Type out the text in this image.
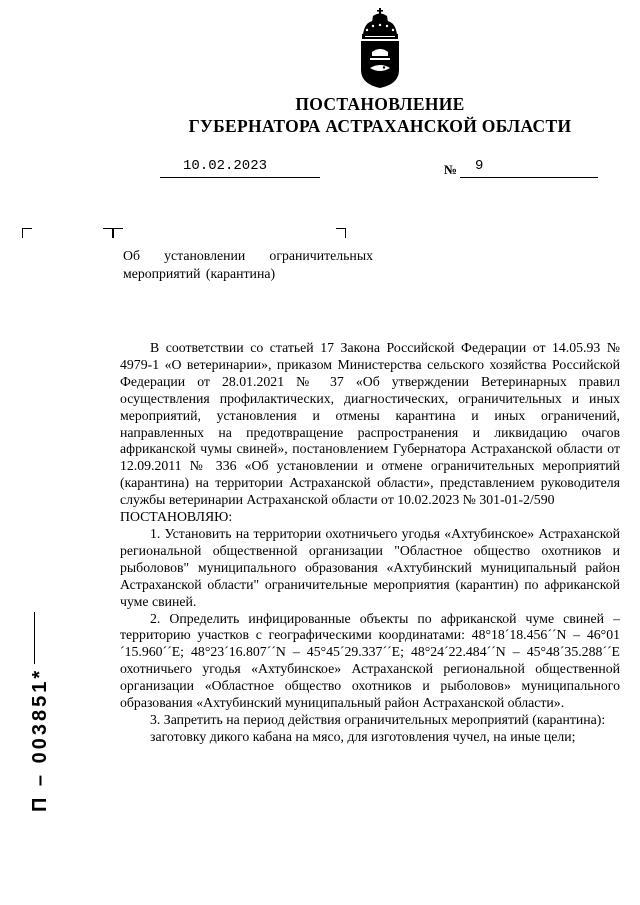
ПОСТАНОВЛЕНИЕ
ГУБЕРНАТОРА АСТРАХАНСКОЙ ОБЛАСТИ
10.02.2023	№ 9
Об установлении ограничительных мероприятий (карантина)

В соответствии со статьей 17 Закона Российской Федерации от 14.05.93 № 4979-1 «О ветеринарии», приказом Министерства сельского хозяйства Российской Федерации от 28.01.2021 № 37 «Об утверждении Ветеринарных правил осуществления профилактических, диагностических, ограничительных и иных мероприятий, установления и отмены карантина и иных ограничений, направленных на предотвращение распространения и ликвидацию очагов африканской чумы свиней», постановлением Губернатора Астраханской области от 12.09.2011 № 336 «Об установлении и отмене ограничительных мероприятий (карантина) на территории Астраханской области», представлением руководителя службы ветеринарии Астраханской области от 10.02.2023 № 301-01-2/590

ПОСТАНОВЛЯЮ:

1. Установить на территории охотничьего угодья «Ахтубинское» Астраханской региональной общественной организации "Областное общество охотников и рыболовов" муниципального образования «Ахтубинский муниципальный район Астраханской области" ограничительные мероприятия (карантин) по африканской чуме свиней.

2. Определить инфицированные объекты по африканской чуме свиней – территорию участков с географическими координатами: 48°18´18.456´´N – 46°01´15.960´´E; 48°23´16.807´´N – 45°45´29.337´´E; 48°24´22.484´´N – 45°48´35.288´´E охотничьего угодья «Ахтубинское» Астраханской региональной общественной организации «Областное общество охотников и рыболовов» муниципального образования «Ахтубинский муниципальный район Астраханской области».

3. Запретить на период действия ограничительных мероприятий (карантина):

заготовку дикого кабана на мясо, для изготовления чучел, на иные цели;

П – 003851*
